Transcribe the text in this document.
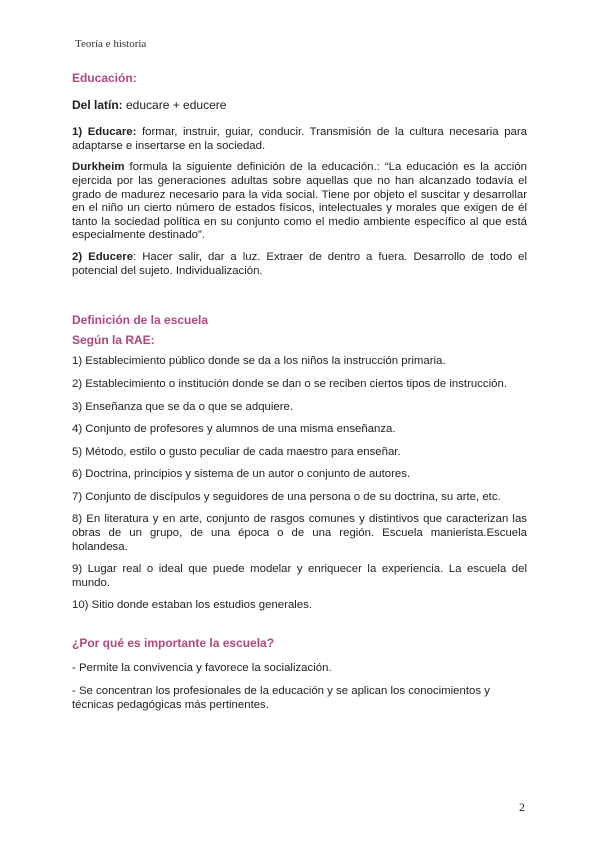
Teoría e historia

Educación:

Del latín: educare + educere

1) Educare: formar, instruir, guiar, conducir. Transmisión de la cultura necesaria para adaptarse e insertarse en la sociedad.

Durkheim formula la siguiente definición de la educación.: “La educación es la acción ejercida por las generaciones adultas sobre aquellas que no han alcanzado todavía el grado de madurez necesario para la vida social. Tiene por objeto el suscitar y desarrollar en el niño un cierto número de estados físicos, intelectuales y morales que exigen de él tanto la sociedad política en su conjunto como el medio ambiente específico al que está especialmente destinado”.

2) Educere: Hacer salir, dar a luz. Extraer de dentro a fuera. Desarrollo de todo el potencial del sujeto. Individualización.

Definición de la escuela

Según la RAE:

1) Establecimiento público donde se da a los niños la instrucción primaria.

2) Establecimiento o institución donde se dan o se reciben ciertos tipos de instrucción.

3) Enseñanza que se da o que se adquiere.

4) Conjunto de profesores y alumnos de una misma enseñanza.

5) Método, estilo o gusto peculiar de cada maestro para enseñar.

6) Doctrina, principios y sistema de un autor o conjunto de autores.

7) Conjunto de discípulos y seguidores de una persona o de su doctrina, su arte, etc.

8) En literatura y en arte, conjunto de rasgos comunes y distintivos que caracterizan las obras de un grupo, de una época o de una región. Escuela manierista.Escuela holandesa.

9) Lugar real o ideal que puede modelar y enriquecer la experiencia. La escuela del mundo.

10) Sitio donde estaban los estudios generales.

¿Por qué es importante la escuela?

- Permite la convivencia y favorece la socialización.

- Se concentran los profesionales de la educación y se aplican los conocimientos y técnicas pedagógicas más pertinentes.

2
